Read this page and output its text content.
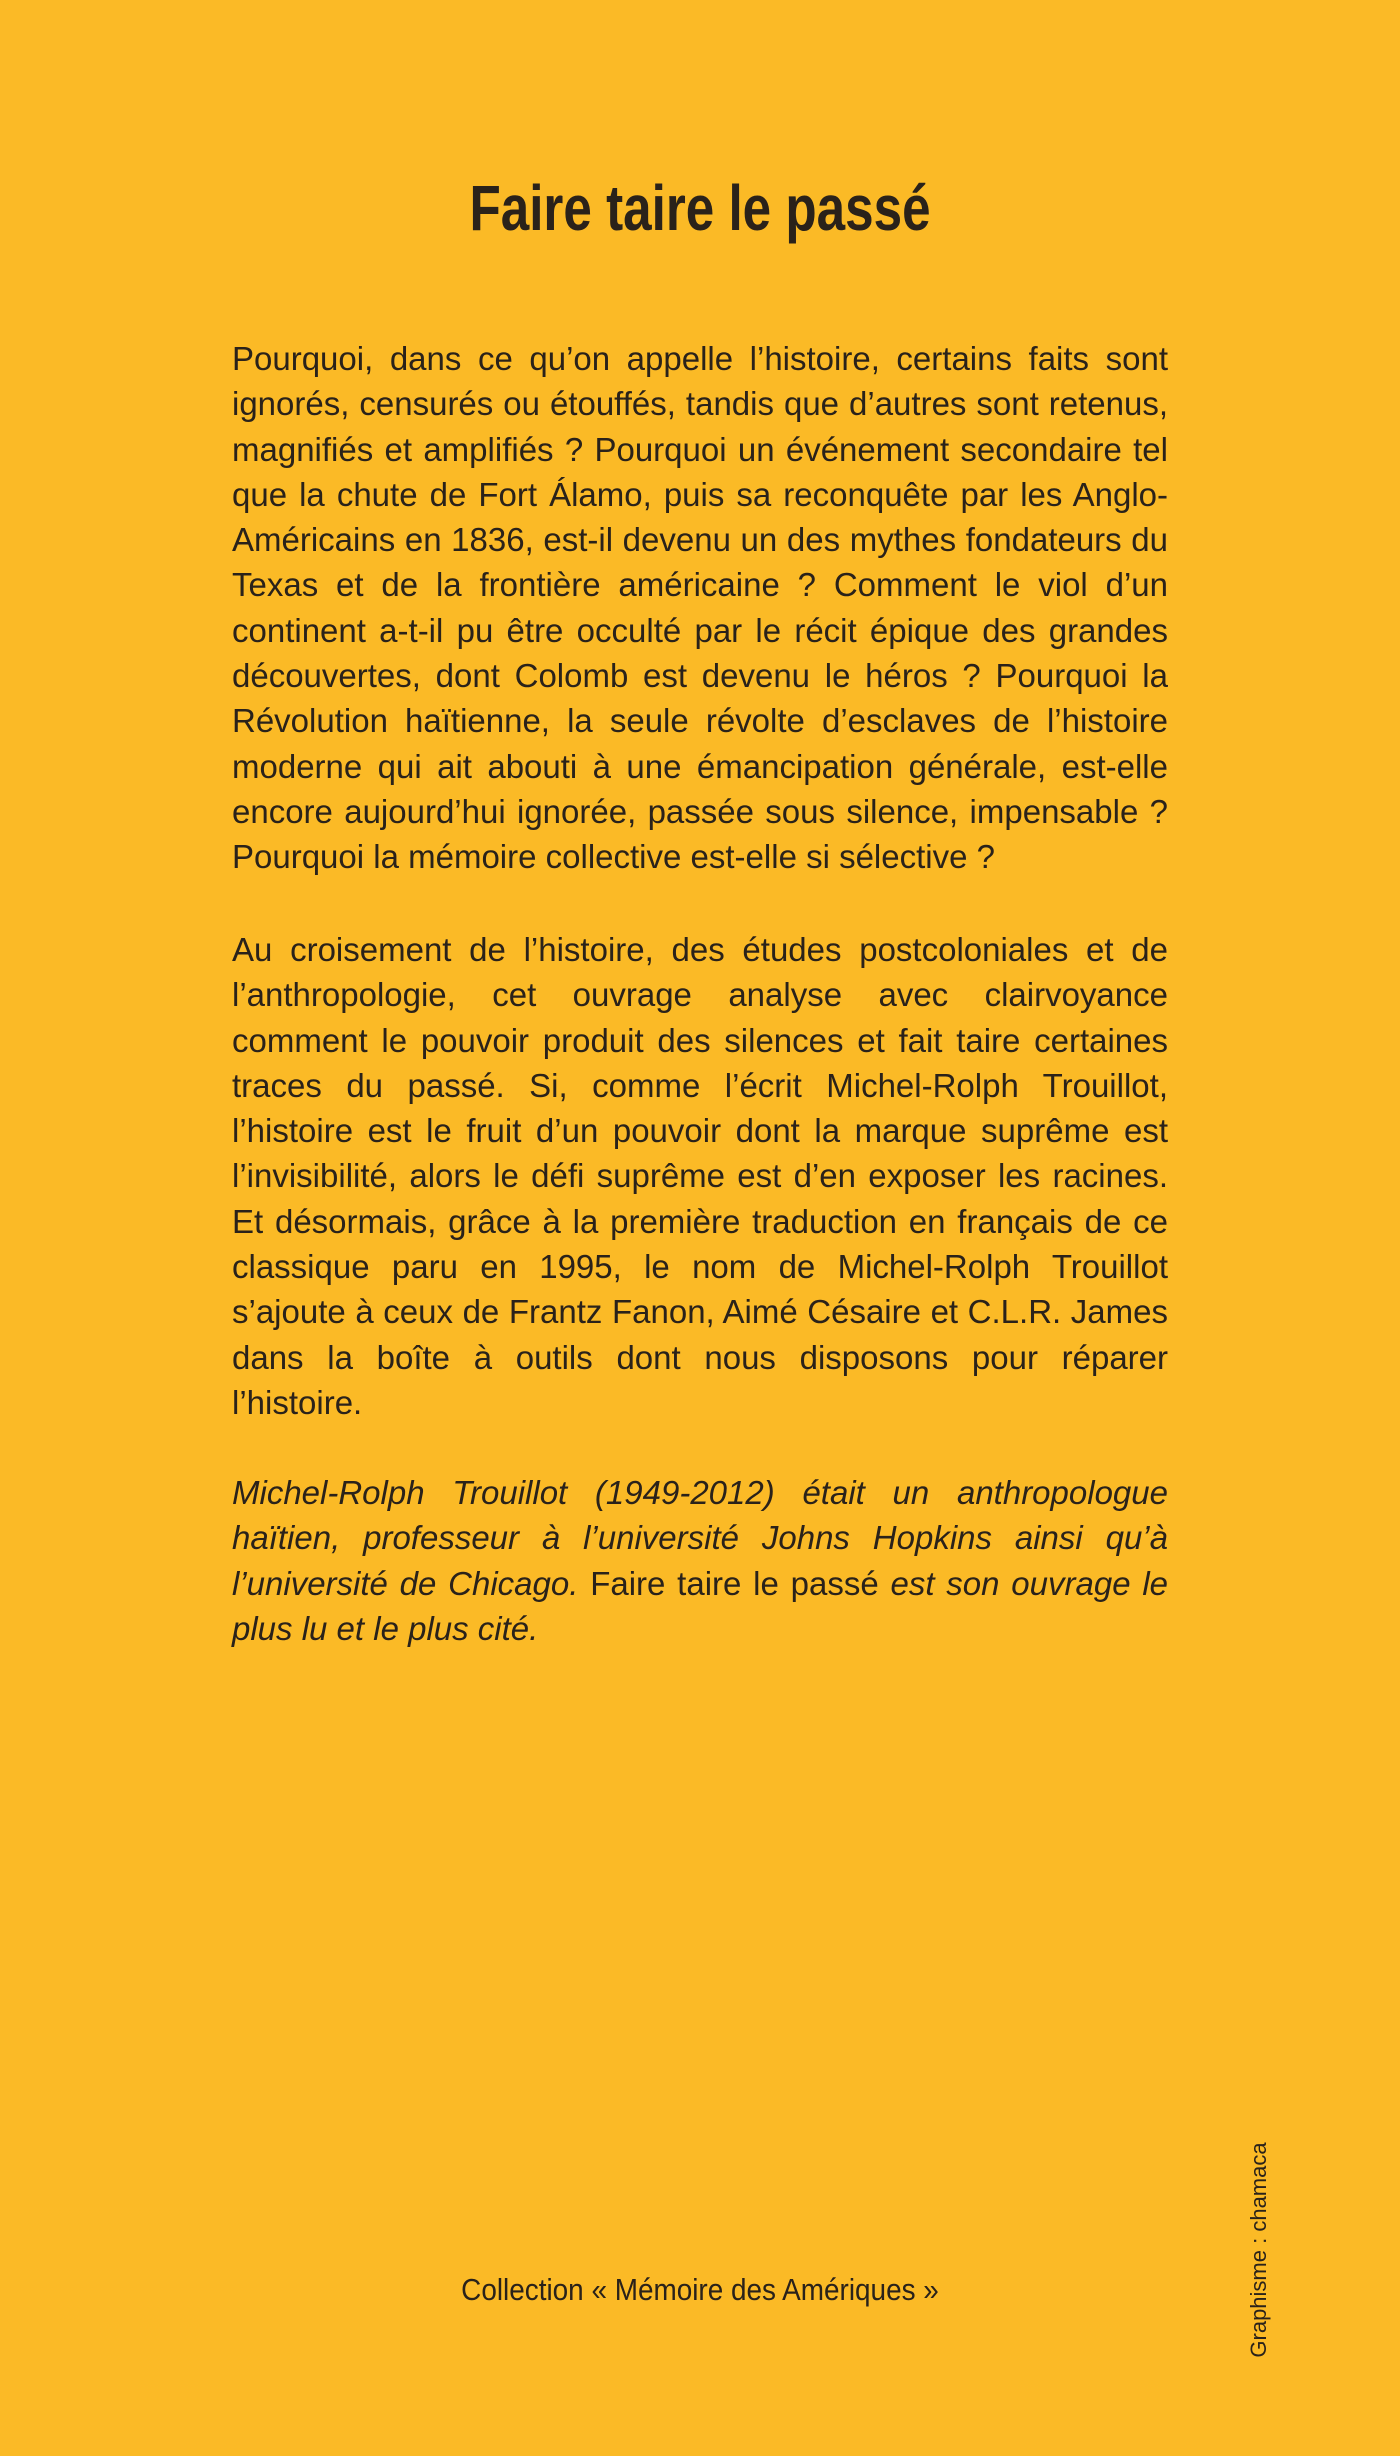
Faire taire le passé

Pourquoi, dans ce qu’on appelle l’histoire, certains faits sont ignorés, censurés ou étouffés, tandis que d’autres sont retenus, magnifiés et amplifiés ? Pourquoi un événement secondaire tel que la chute de Fort Álamo, puis sa reconquête par les Anglo-Américains en 1836, est-il devenu un des mythes fondateurs du Texas et de la frontière américaine ? Comment le viol d’un continent a-t-il pu être occulté par le récit épique des grandes découvertes, dont Colomb est devenu le héros ? Pourquoi la Révolution haïtienne, la seule révolte d’esclaves de l’histoire moderne qui ait abouti à une émancipation générale, est-elle encore aujourd’hui ignorée, passée sous silence, impensable ? Pourquoi la mémoire collective est-elle si sélective ?

Au croisement de l’histoire, des études postcoloniales et de l’anthropologie, cet ouvrage analyse avec clairvoyance comment le pouvoir produit des silences et fait taire certaines traces du passé. Si, comme l’écrit Michel-Rolph Trouillot, l’histoire est le fruit d’un pouvoir dont la marque suprême est l’invisibilité, alors le défi suprême est d’en exposer les racines. Et désormais, grâce à la première traduction en français de ce classique paru en 1995, le nom de Michel-Rolph Trouillot s’ajoute à ceux de Frantz Fanon, Aimé Césaire et C.L.R. James dans la boîte à outils dont nous disposons pour réparer l’histoire.

Michel-Rolph Trouillot (1949-2012) était un anthropologue haïtien, professeur à l’université Johns Hopkins ainsi qu’à l’université de Chicago. Faire taire le passé est son ouvrage le plus lu et le plus cité.

Collection « Mémoire des Amériques »	Graphisme : chamaca
